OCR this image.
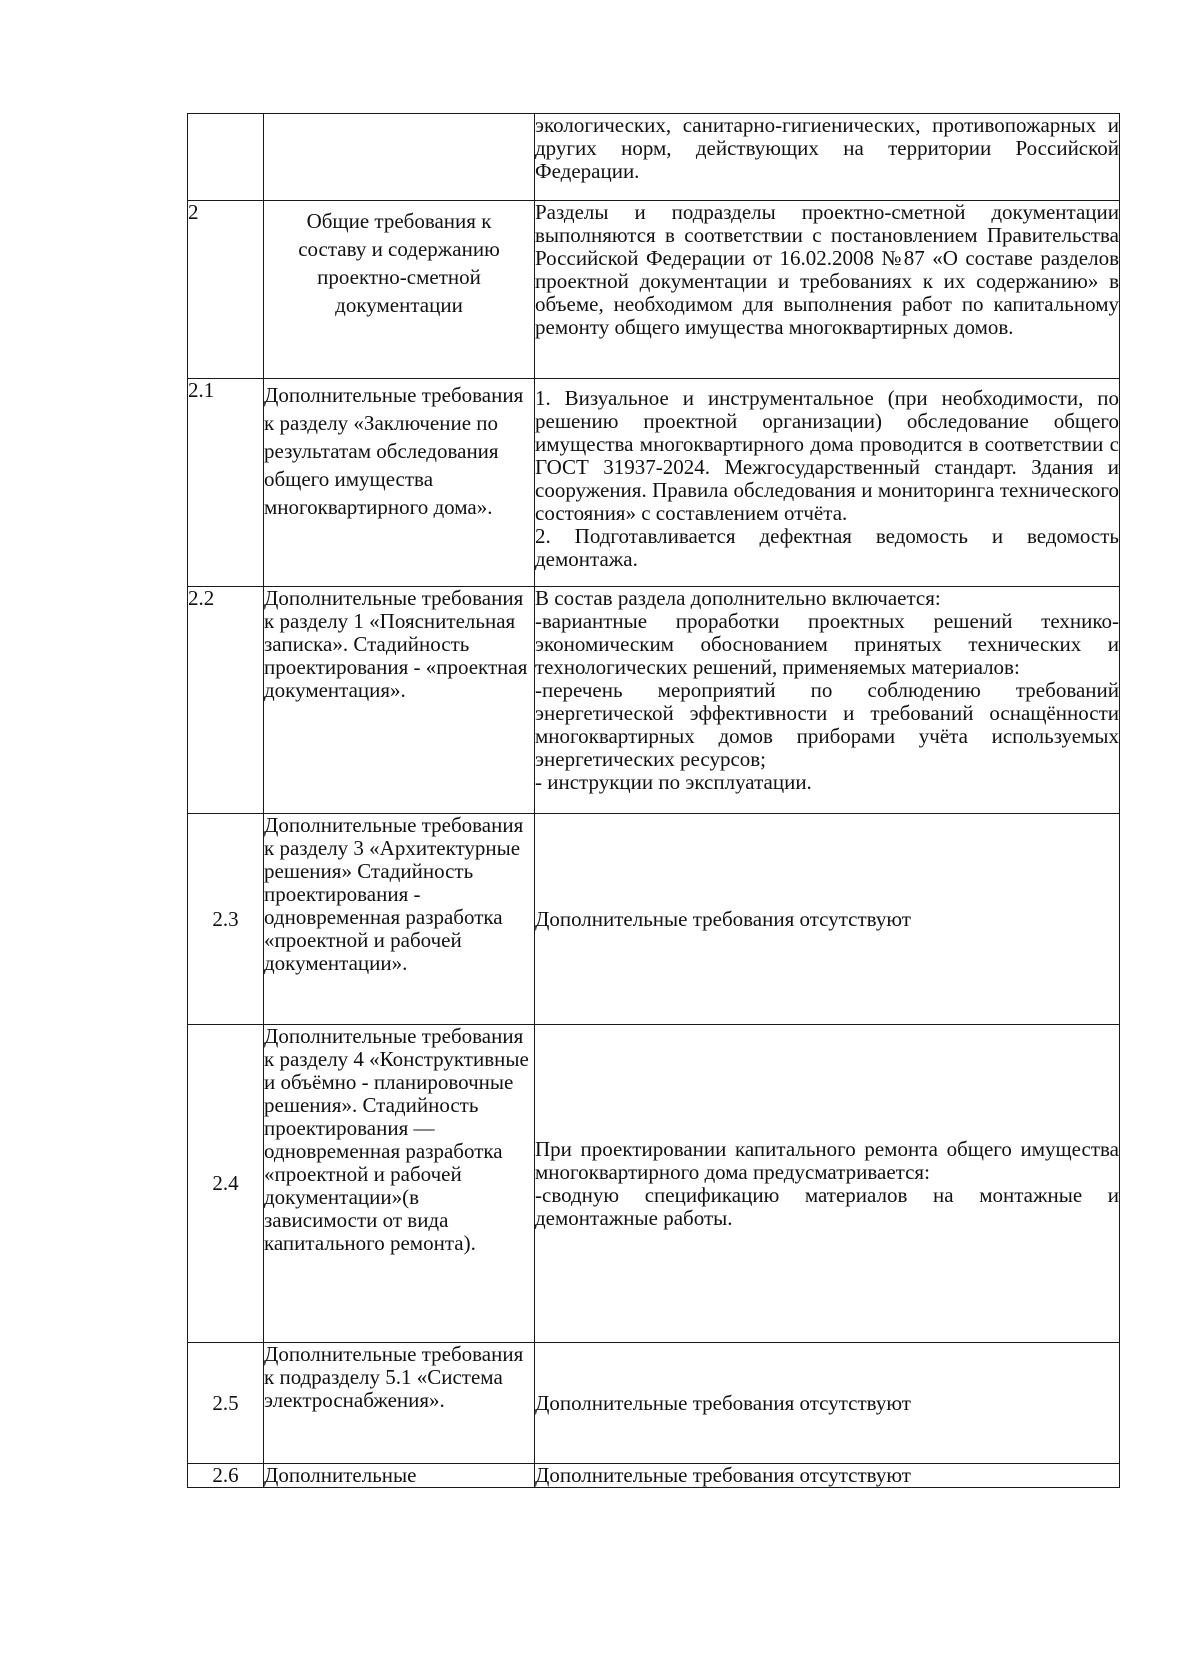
		экологических, санитарно-гигиенических, противопожарных и других норм, действующих на территории Российской Федерации.

2	Общие требования к составу и содержанию проектно-сметной документации	Разделы и подразделы проектно-сметной документации выполняются в соответствии с постановлением Правительства Российской Федерации от 16.02.2008 №87 «О составе разделов проектной документации и требованиях к их содержанию» в объеме, необходимом для выполнения работ по капитальному ремонту общего имущества многоквартирных домов.

2.1	Дополнительные требования к разделу «Заключение по результатам обследования общего имущества многоквартирного дома».	1. Визуальное и инструментальное (при необходимости, по решению проектной организации) обследование общего имущества многоквартирного дома проводится в соответствии с ГОСТ 31937-2024. Межгосударственный стандарт. Здания и сооружения. Правила обследования и мониторинга технического состояния» с составлением отчёта.

2. Подготавливается дефектная ведомость и ведомость демонтажа.

2.2	Дополнительные требования к разделу 1 «Пояснительная записка». Стадийность проектирования - «проектная документация».	В состав раздела дополнительно включается:

-вариантные проработки проектных решений технико- экономическим обоснованием принятых технических и технологических решений, применяемых материалов:

-перечень мероприятий по соблюдению требований энергетической эффективности и требований оснащённости многоквартирных домов приборами учёта используемых энергетических ресурсов;

- инструкции по эксплуатации.

2.3	Дополнительные требования к разделу 3 «Архитектурные решения» Стадийность проектирования - одновременная разработка «проектной и рабочей документации».	Дополнительные требования отсутствуют

2.4	Дополнительные требования к разделу 4 «Конструктивные и объёмно - планировочные решения». Стадийность проектирования — одновременная разработка «проектной и рабочей документации»(в зависимости от вида капитального ремонта).	При проектировании капитального ремонта общего имущества многоквартирного дома предусматривается:

-сводную спецификацию материалов на монтажные и демонтажные работы.

2.5	Дополнительные требования к подразделу 5.1 «Система электроснабжения».	Дополнительные требования отсутствуют

2.6	Дополнительные	Дополнительные требования отсутствуют
